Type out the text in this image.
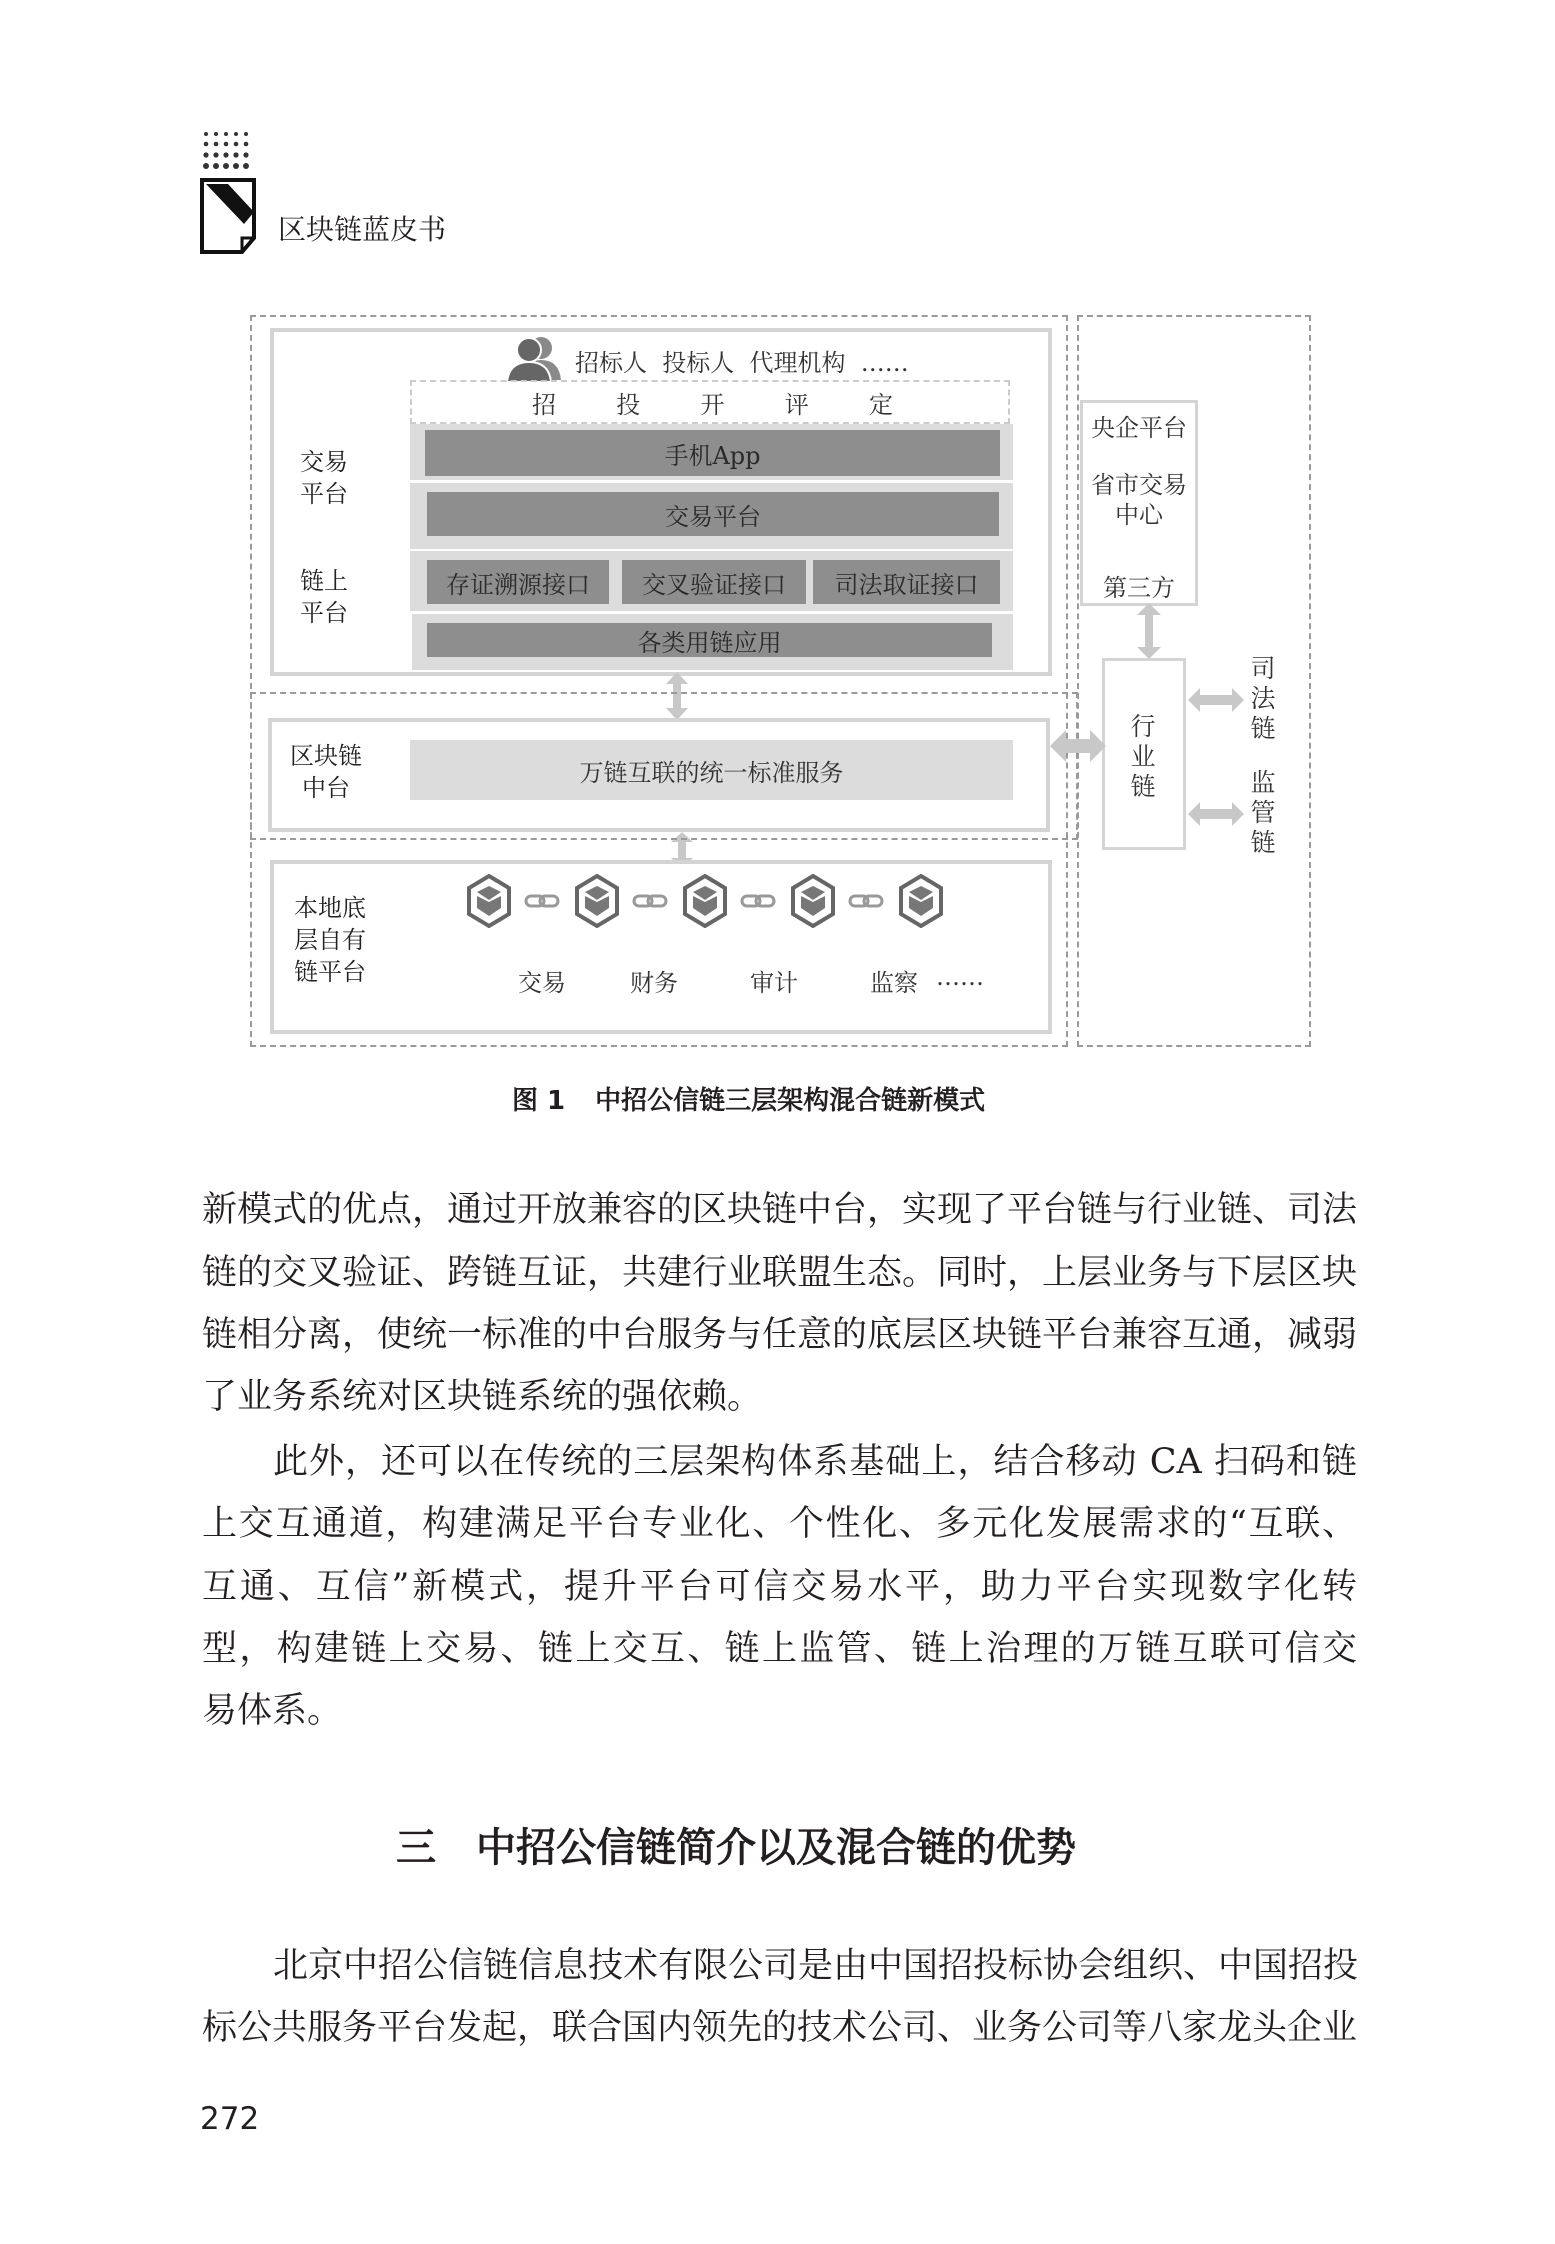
区块链蓝皮书
招标人  投标人  代理机构  ……
招	投	开	评	定
手机App
交易平台
交易
平台
存证溯源接口	交叉验证接口	司法取证接口
各类用链应用
链上
平台
万链互联的统一标准服务
区块链
中台
本地底
层自有
链平台	交易	财务	审计	监察 ……
央企平台
省市交易
中心
第三方
行业链
司法链
监管链
图 1 中招公信链三层架构混合链新模式
新模式的优点，通过开放兼容的区块链中台，实现了平台链与行业链、司法
链的交叉验证、跨链互证，共建行业联盟生态。同时，上层业务与下层区块
链相分离，使统一标准的中台服务与任意的底层区块链平台兼容互通，减弱
了业务系统对区块链系统的强依赖。
此外，还可以在传统的三层架构体系基础上，结合移动 CA 扫码和链
上交互通道，构建满足平台专业化、个性化、多元化发展需求的“互联、
互通、互信”新模式，提升平台可信交易水平，助力平台实现数字化转
型，构建链上交易、链上交互、链上监管、链上治理的万链互联可信交
易体系。
三　中招公信链简介以及混合链的优势
北京中招公信链信息技术有限公司是由中国招投标协会组织、中国招投
标公共服务平台发起，联合国内领先的技术公司、业务公司等八家龙头企业
272
